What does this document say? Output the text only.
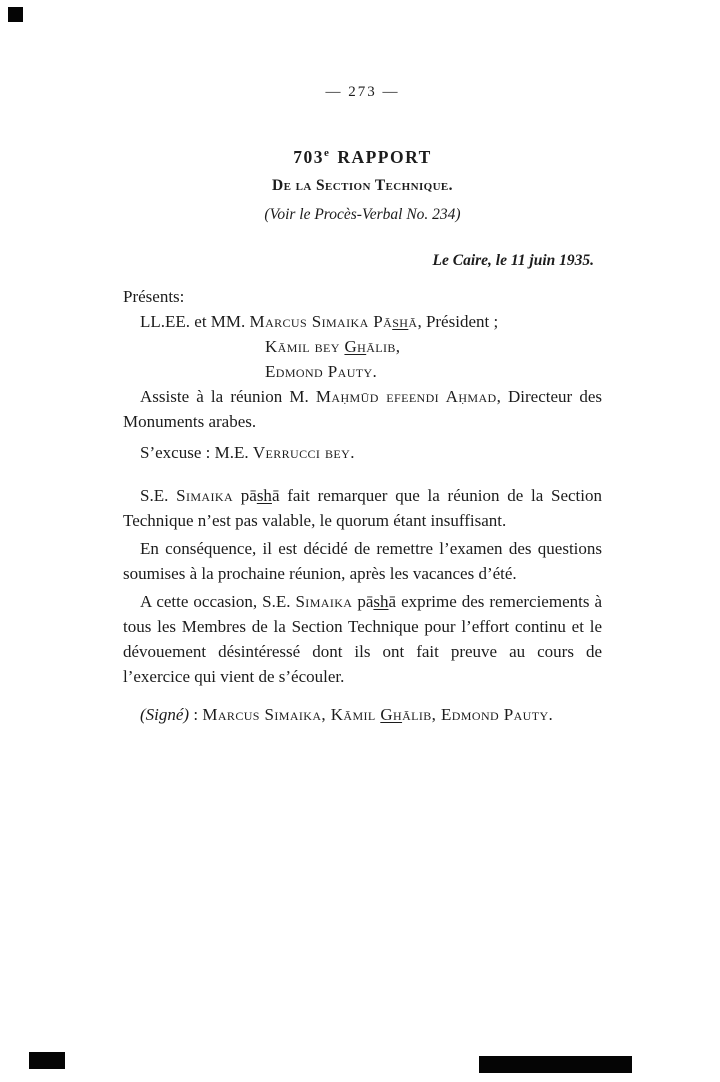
— 273 —
703e RAPPORT
De la Section Technique.
(Voir le Procès-Verbal No. 234)
Le Caire, le 11 juin 1935.
Présents:
LL.EE. et MM. Marcus Simaika Pāshā, Président ;
Kāmil bey Ghālib,
Edmond Pauty.

Assiste à la réunion M. Maḥmūd efeendi Aḥmad, Directeur des Monuments arabes.

S’excuse : M.E. Verrucci bey.

S.E. Simaika pāshā fait remarquer que la réunion de la Section Technique n’est pas valable, le quorum étant insuffisant.

En conséquence, il est décidé de remettre l’examen des questions soumises à la prochaine réunion, après les vacances d’été.

A cette occasion, S.E. Simaika pāshā exprime des remerciements à tous les Membres de la Section Technique pour l’effort continu et le dévouement désintéressé dont ils ont fait preuve au cours de l’exercice qui vient de s’écouler.

(Signé) : Marcus Simaika, Kāmil Ghālib, Edmond Pauty.
